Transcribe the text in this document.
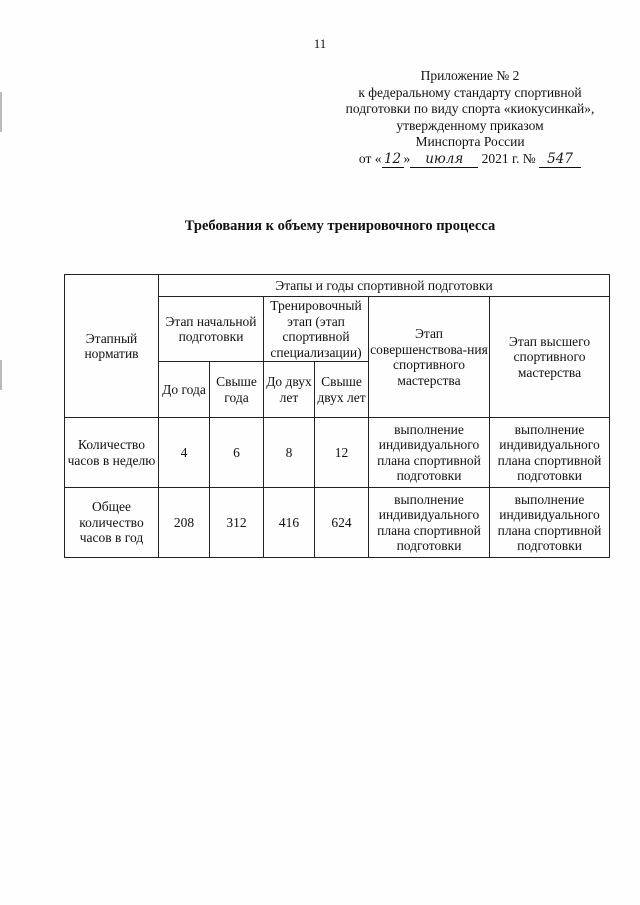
11
Приложение № 2
к федеральному стандарту спортивной
подготовки по виду спорта «киокусинкай»,
утвержденному приказом
Минспорта России
от « 12 » июля 2021 г. № 547
Требования к объему тренировочного процесса
Этапный норматив	Этапы и годы спортивной подготовки					
	Этап начальной подготовки		Тренировочный этап (этап спортивной специализации)		Этап совершенствова-ния спортивного мастерства	Этап высшего спортивного мастерства
	До года	Свыше года	До двух лет	Свыше двух лет		
Количество часов в неделю	4	6	8	12	выполнение индивидуального плана спортивной подготовки	выполнение индивидуального плана спортивной подготовки
Общее количество часов в год	208	312	416	624	выполнение индивидуального плана спортивной подготовки	выполнение индивидуального плана спортивной подготовки
